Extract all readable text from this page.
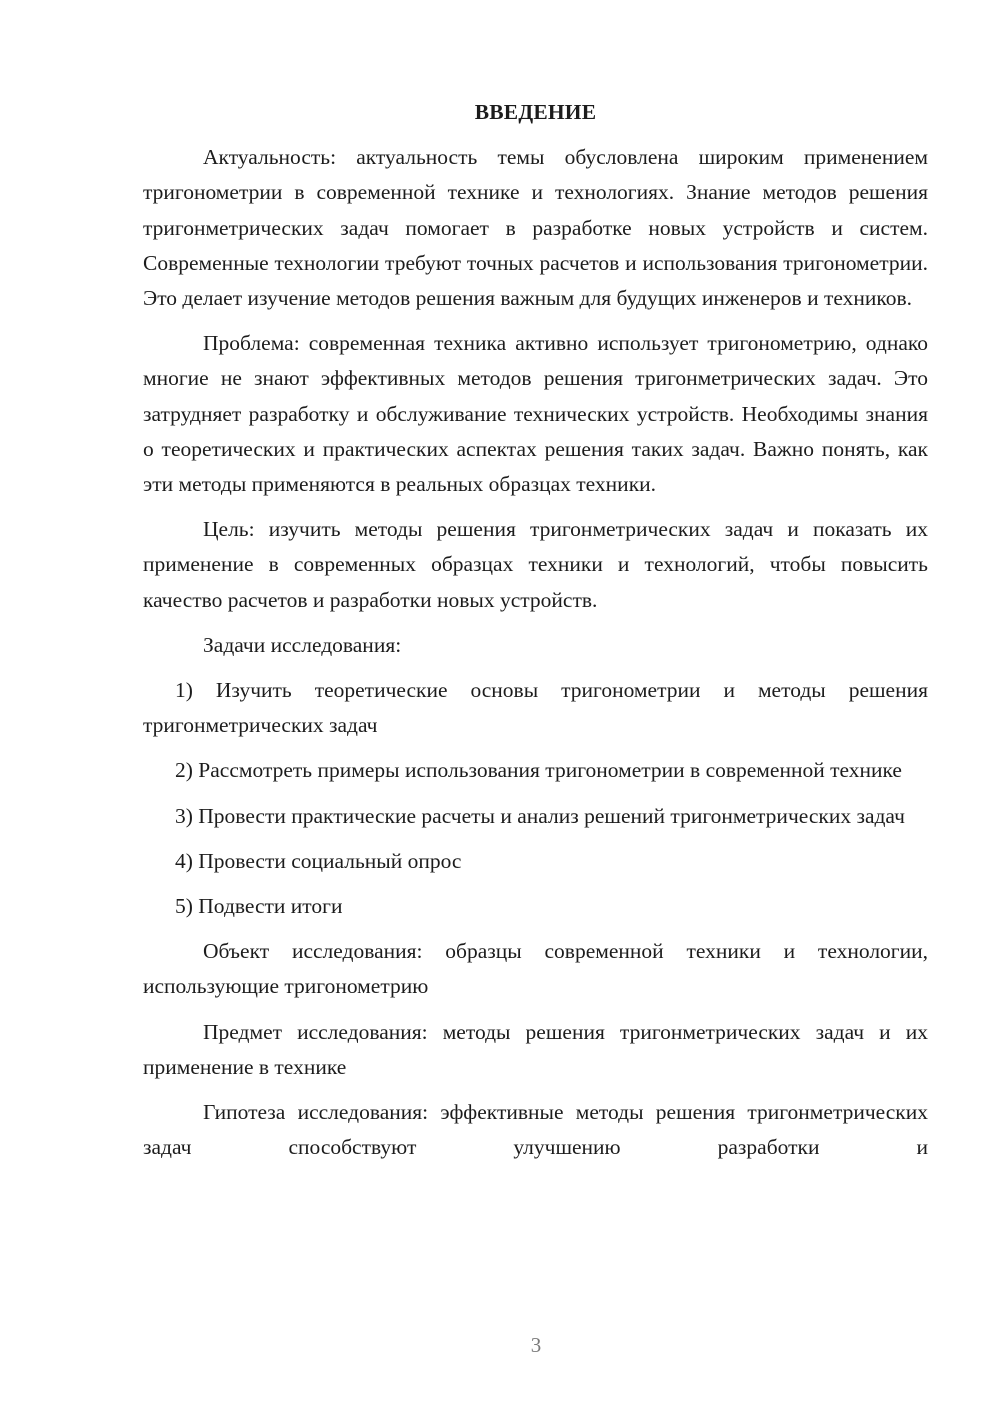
ВВЕДЕНИЕ

Актуальность: актуальность темы обусловлена широким применением тригонометрии в современной технике и технологиях. Знание методов решения тригонметрических задач помогает в разработке новых устройств и систем. Современные технологии требуют точных расчетов и использования тригонометрии. Это делает изучение методов решения важным для будущих инженеров и техников.

Проблема: современная техника активно использует тригонометрию, однако многие не знают эффективных методов решения тригонметрических задач. Это затрудняет разработку и обслуживание технических устройств. Необходимы знания о теоретических и практических аспектах решения таких задач. Важно понять, как эти методы применяются в реальных образцах техники.

Цель: изучить методы решения тригонметрических задач и показать их применение в современных образцах техники и технологий, чтобы повысить качество расчетов и разработки новых устройств.

Задачи исследования:

1) Изучить теоретические основы тригонометрии и методы решения тригонметрических задач

2) Рассмотреть примеры использования тригонометрии в современной технике

3) Провести практические расчеты и анализ решений тригонметрических задач

4) Провести социальный опрос

5) Подвести итоги

Объект исследования: образцы современной техники и технологии, использующие тригонометрию

Предмет исследования: методы решения тригонметрических задач и их применение в технике

Гипотеза исследования: эффективные методы решения тригонметрических задач способствуют улучшению разработки и

3
